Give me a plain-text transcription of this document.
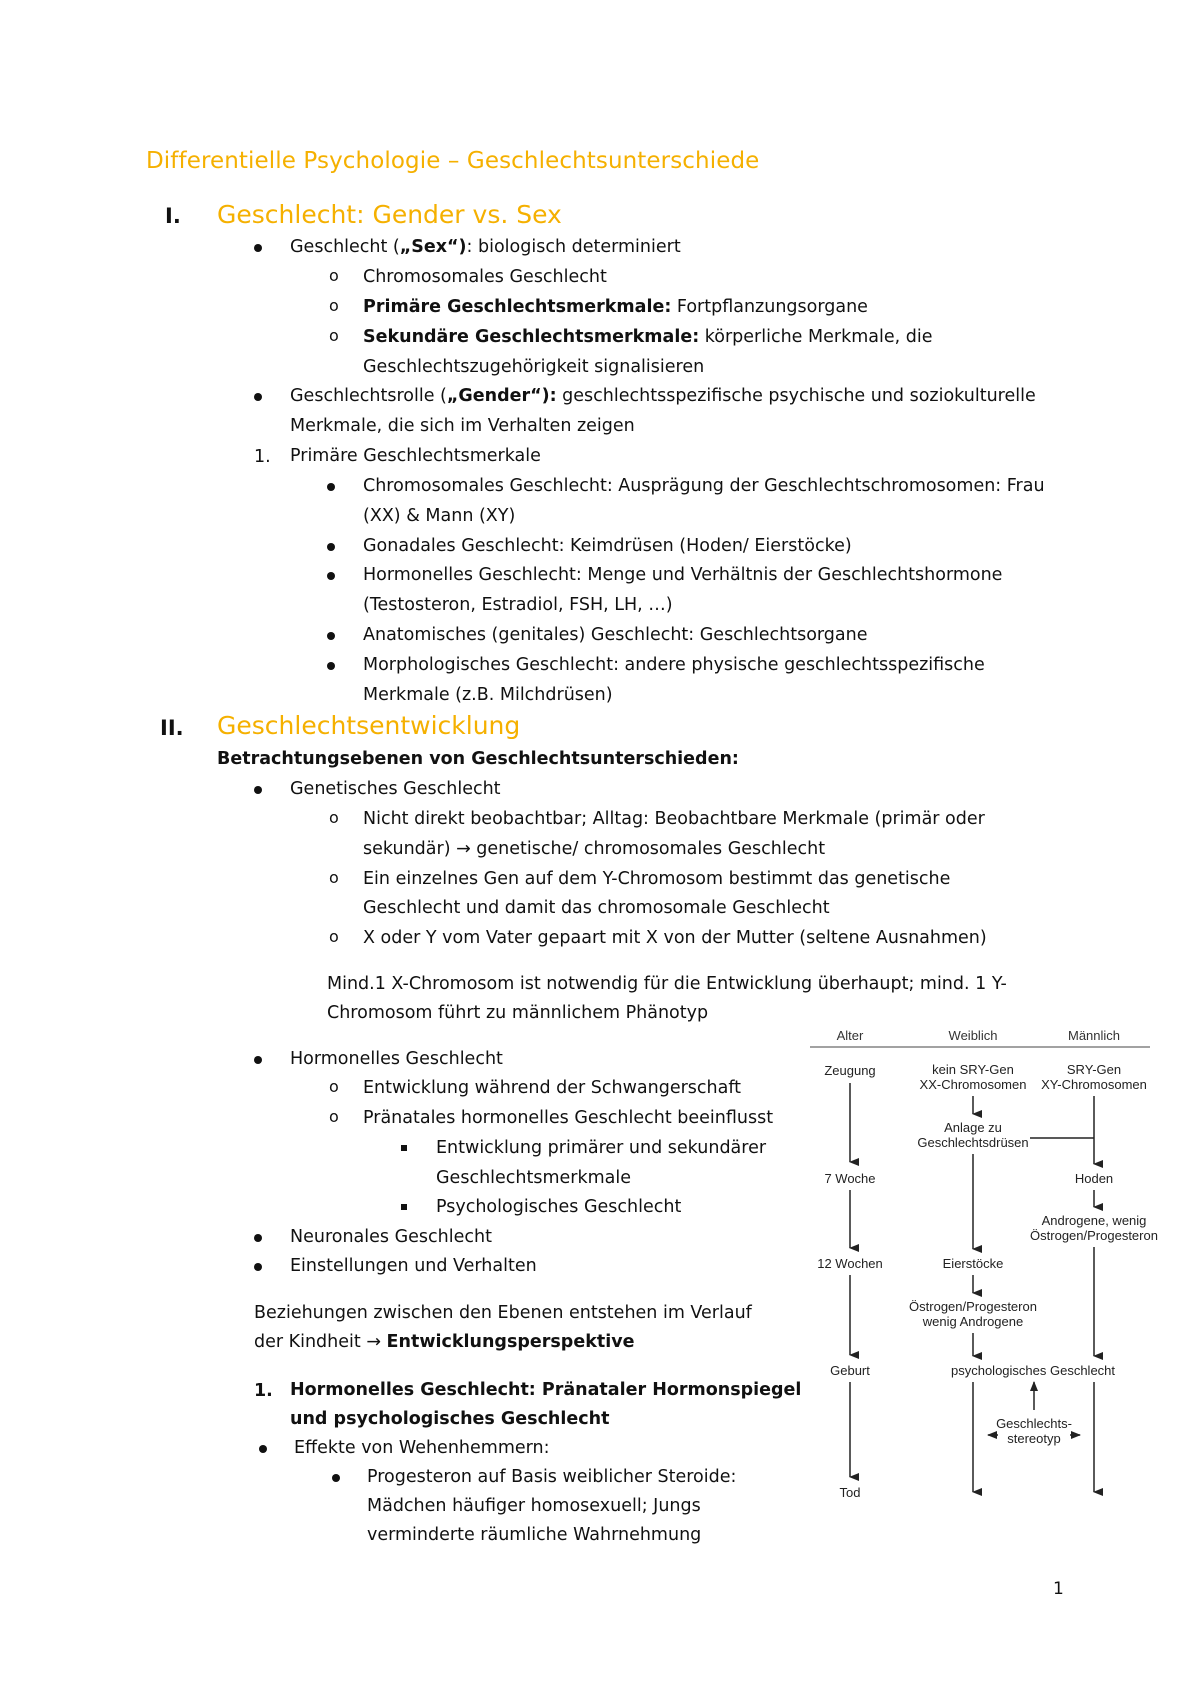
Differentielle Psychologie – Geschlechtsunterschiede
I. Geschlecht: Gender vs. Sex
Geschlecht („Sex“): biologisch determiniert
o Chromosomales Geschlecht
o Primäre Geschlechtsmerkmale: Fortpflanzungsorgane
o Sekundäre Geschlechtsmerkmale: körperliche Merkmale, die
Geschlechtszugehörigkeit signalisieren
Geschlechtsrolle („Gender“): geschlechtsspezifische psychische und soziokulturelle
Merkmale, die sich im Verhalten zeigen
1. Primäre Geschlechtsmerkale
Chromosomales Geschlecht: Ausprägung der Geschlechtschromosomen: Frau
(XX) & Mann (XY)
Gonadales Geschlecht: Keimdrüsen (Hoden/ Eierstöcke)
Hormonelles Geschlecht: Menge und Verhältnis der Geschlechtshormone
(Testosteron, Estradiol, FSH, LH, …)
Anatomisches (genitales) Geschlecht: Geschlechtsorgane
Morphologisches Geschlecht: andere physische geschlechtsspezifische
Merkmale (z.B. Milchdrüsen)
II. Geschlechtsentwicklung
Betrachtungsebenen von Geschlechtsunterschieden:
Genetisches Geschlecht
o Nicht direkt beobachtbar; Alltag: Beobachtbare Merkmale (primär oder
sekundär) → genetische/ chromosomales Geschlecht
o Ein einzelnes Gen auf dem Y-Chromosom bestimmt das genetische
Geschlecht und damit das chromosomale Geschlecht
o X oder Y vom Vater gepaart mit X von der Mutter (seltene Ausnahmen)
Mind.1 X-Chromosom ist notwendig für die Entwicklung überhaupt; mind. 1 Y-
Chromosom führt zu männlichem Phänotyp
Hormonelles Geschlecht
o Entwicklung während der Schwangerschaft
o Pränatales hormonelles Geschlecht beeinflusst
Entwicklung primärer und sekundärer
Geschlechtsmerkmale
Psychologisches Geschlecht
Neuronales Geschlecht
Einstellungen und Verhalten
Beziehungen zwischen den Ebenen entstehen im Verlauf
der Kindheit → Entwicklungsperspektive
1. Hormonelles Geschlecht: Pränataler Hormonspiegel
und psychologisches Geschlecht
Effekte von Wehenhemmern:
Progesteron auf Basis weiblicher Steroide:
Mädchen häufiger homosexuell; Jungs
verminderte räumliche Wahrnehmung
Alter	Weiblich	Männlich
Zeugung	kein SRY-Gen
XX-Chromosomen
SRY-Gen
XY-Chromosomen
Anlage zu
Geschlechtsdrüsen
7 Woche	Hoden
Androgene, wenig
Östrogen/Progesteron
12 Wochen	Eierstöcke
Östrogen/Progesteron
wenig Androgene
Geburt	psychologisches Geschlecht
Geschlechts-
stereotyp
Tod
1
